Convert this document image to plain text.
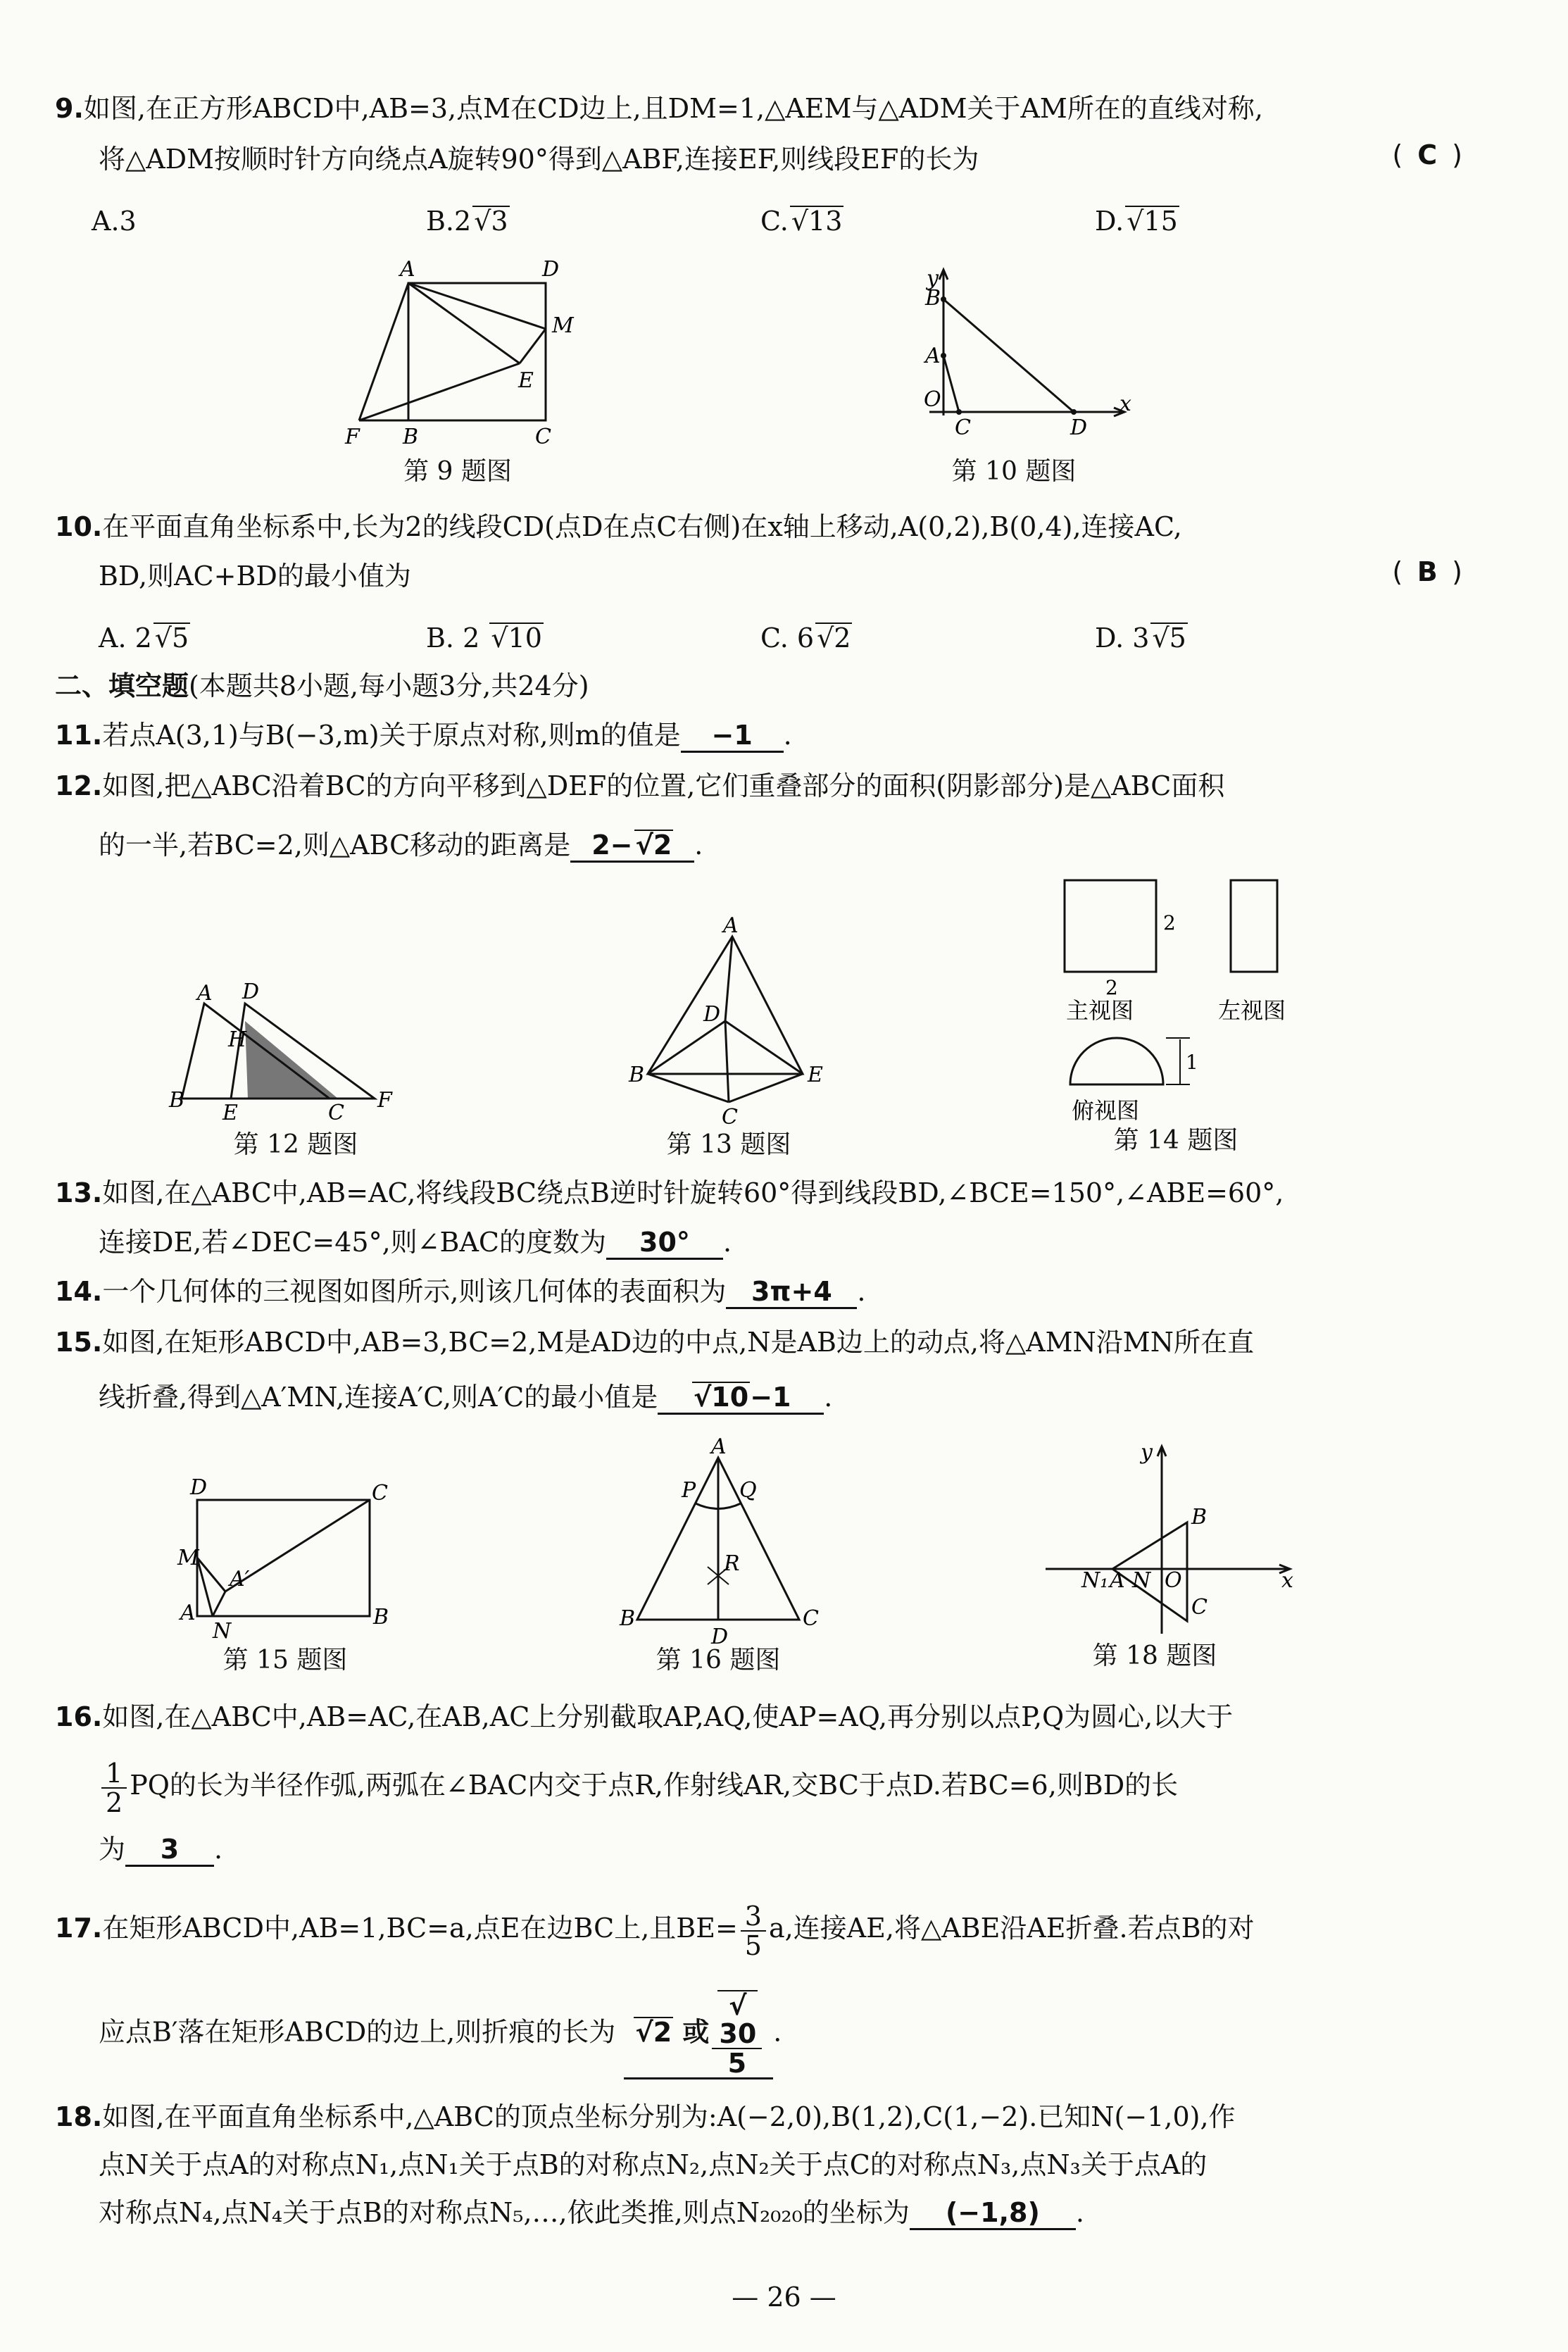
9.如图,在正方形ABCD中,AB=3,点M在CD边上,且DM=1,△AEM与△ADM关于AM所在的直线对称,
将△ADM按顺时针方向绕点A旋转90°得到△ABF,连接EF,则线段EF的长为	( C )
A.3	B.2 √3	C. √13	D. √15
A	D
M
E
F B	C
第 9 题图
y
B
A
O
C	D
x
第 10 题图
10.在平面直角坐标系中,长为2的线段CD(点D在点C右侧)在x轴上移动,A(0,2),B(0,4),连接AC,
BD,则AC+BD的最小值为	( B )
A. 2 √5	B. 2 √10	C. 6 √2	D. 3 √5
二、填空题(本题共8小题,每小题3分,共24分)
11.若点A(3,1)与B(−3,m)关于原点对称,则m的值是 −1 .
12.如图,把△ABC沿着BC的方向平移到△DEF的位置,它们重叠部分的面积(阴影部分)是△ABC面积
的一半,若BC=2,则△ABC移动的距离是 2− √2 .
A D
H
B
E	C
F
第 12 题图
A
D
B	E
C
第 13 题图
2
2
1
主视图	左视图
俯视图
第 14 题图
13.如图,在△ABC中,AB=AC,将线段BC绕点B逆时针旋转60°得到线段BD,∠BCE=150°,∠ABE=60°,
连接DE,若∠DEC=45°,则∠BAC的度数为 30° .
14.一个几何体的三视图如图所示,则该几何体的表面积为 3π+4 .
15.如图,在矩形ABCD中,AB=3,BC=2,M是AD边的中点,N是AB边上的动点,将△AMN沿MN所在直
线折叠,得到△A′MN,连接A′C,则A′C的最小值是 √10−1 .
D	C
M
A′
A
N
B
第 15 题图
A
P Q
R
B
D
C
第 16 题图
y
B
N₁ A N O	x
C
第 18 题图
16.如图,在△ABC中,AB=AC,在AB,AC上分别截取AP,AQ,使AP=AQ,再分别以点P,Q为圆心,以大于
$\frac{1}{2}$ PQ的长为半径作弧,两弧在∠BAC内交于点R,作射线AR,交BC于点D.若BC=6,则BD的长
为 3 .
17.在矩形ABCD中,AB=1,BC=a,点E在边BC上,且$BE= \frac{3}{5} a$,连接AE,将△ABE沿AE折叠.若点B的对
应点B′落在矩形ABCD的边上,则折痕的长为 √2 或 √
30
5 .
18.如图,在平面直角坐标系中,△ABC的顶点坐标分别为:A(−2,0),B(1,2),C(1,−2).已知N(−1,0),作
点N关于点A的对称点N₁,点N₁关于点B的对称点N₂,点N₂关于点C的对称点N₃,点N₃关于点A的
对称点N₄,点N₄关于点B的对称点N₅,…,依此类推,则点N₂₀₂₀的坐标为 (−1,8) .
— 26 —
